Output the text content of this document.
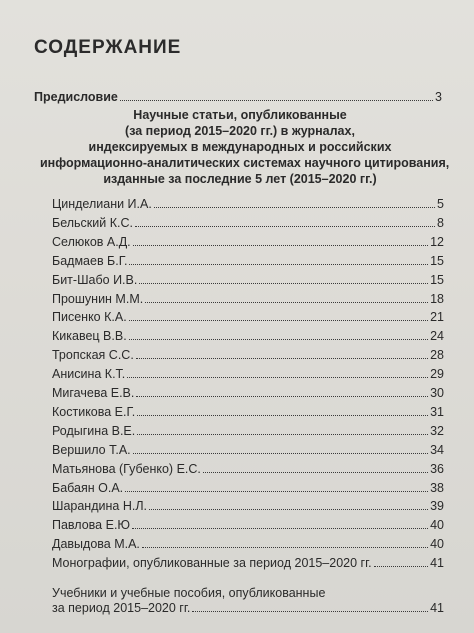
СОДЕРЖАНИЕ
Предисловие	3
Научные статьи, опубликованные
(за период 2015–2020 гг.) в журналах,
индексируемых в международных и российских
информационно-аналитических системах научного цитирования,
изданные за последние 5 лет (2015–2020 гг.)
Цинделиани И.А.	5
Бельский К.С.	8
Селюков А.Д.	12
Бадмаев Б.Г.	15
Бит-Шабо И.В.	15
Прошунин М.М.	18
Писенко К.А.	21
Кикавец В.В.	24
Тропская С.С.	28
Анисина К.Т.	29
Мигачева Е.В.	30
Костикова Е.Г.	31
Родыгина В.Е.	32
Вершило Т.А.	34
Матьянова (Губенко) Е.С.	36
Бабаян О.А.	38
Шарандина Н.Л.	39
Павлова Е.Ю	40
Давыдова М.А.	40
Монографии, опубликованные за период 2015–2020 гг.	41
Учебники и учебные пособия, опубликованные
за период 2015–2020 гг.	41
